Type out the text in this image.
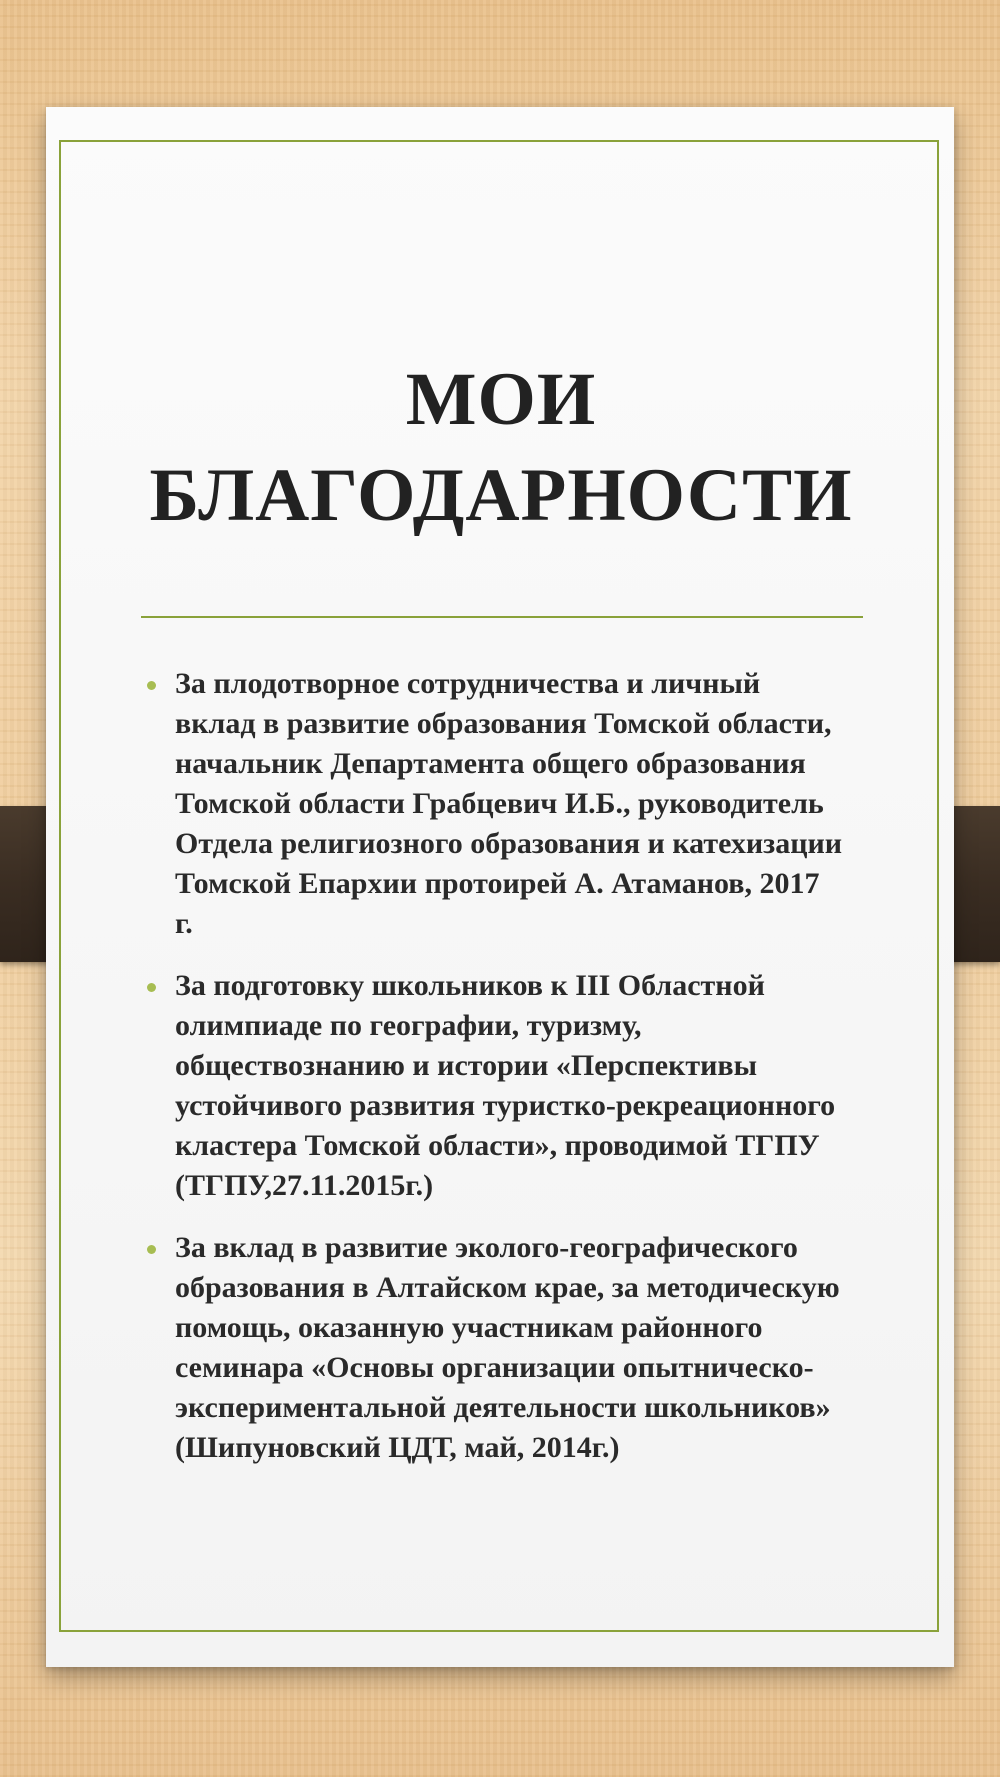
МОИ БЛАГОДАРНОСТИ
За плодотворное сотрудничества и личный вклад в развитие образования Томской области, начальник Департамента общего образования Томской области Грабцевич И.Б., руководитель Отдела религиозного образования и катехизации Томской Епархии протоирей А. Атаманов, 2017 г.
За подготовку школьников к III Областной олимпиаде по географии, туризму, обществознанию и истории «Перспективы устойчивого развития туристко-рекреационного кластера Томской области», проводимой ТГПУ (ТГПУ,27.11.2015г.)
За вклад в развитие эколого-географического образования в Алтайском крае, за методическую помощь, оказанную участникам районного семинара «Основы организации опытническо-экспериментальной деятельности школьников» (Шипуновский ЦДТ, май, 2014г.)
